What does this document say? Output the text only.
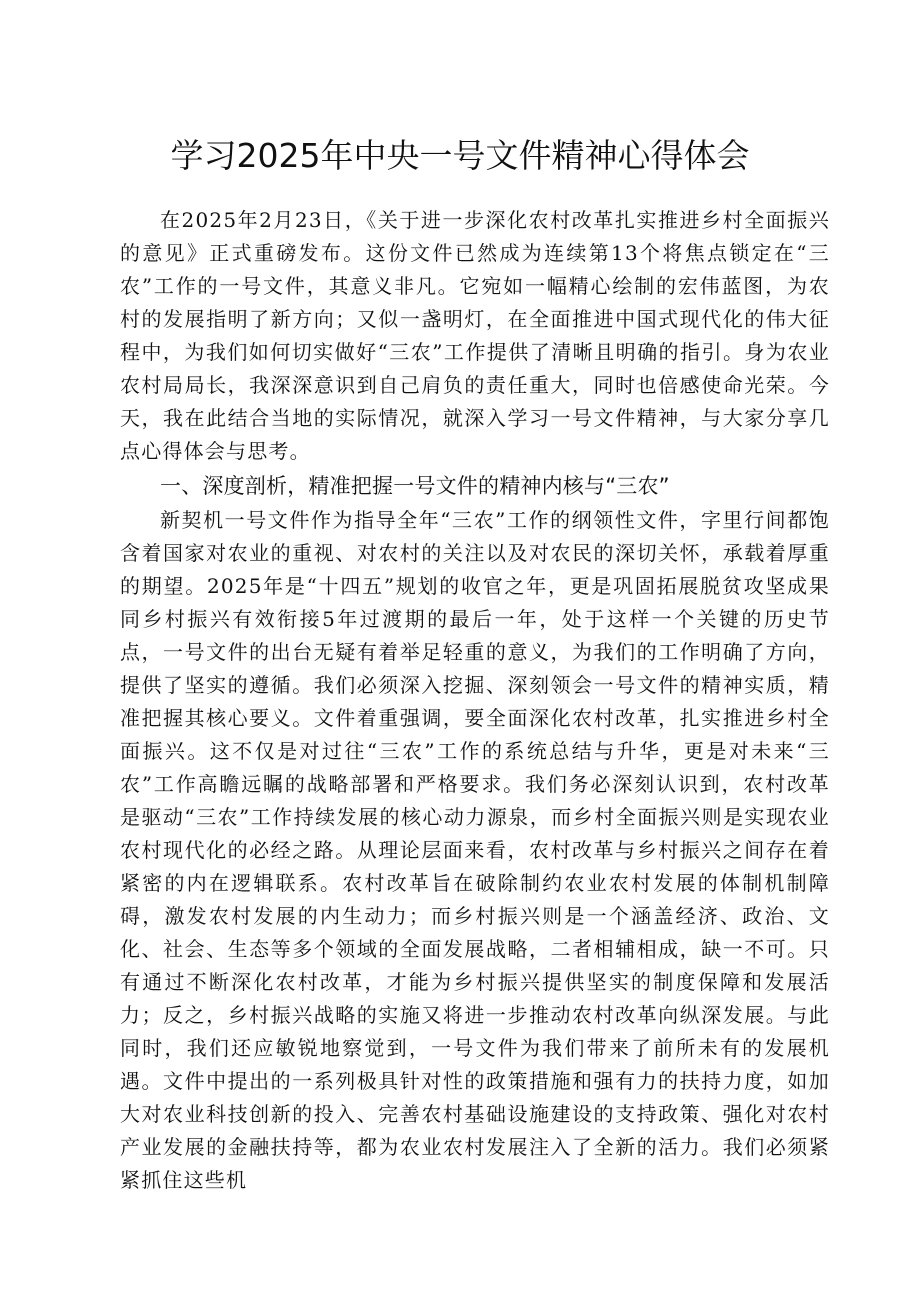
学习2025年中央一号文件精神心得体会

在2025年2月23日，《关于进一步深化农村改革扎实推进乡村全面振兴的意见》正式重磅发布。这份文件已然成为连续第13个将焦点锁定在“三农”工作的一号文件，其意义非凡。它宛如一幅精心绘制的宏伟蓝图，为农村的发展指明了新方向；又似一盏明灯，在全面推进中国式现代化的伟大征程中，为我们如何切实做好“三农”工作提供了清晰且明确的指引。身为农业农村局局长，我深深意识到自己肩负的责任重大，同时也倍感使命光荣。今天，我在此结合当地的实际情况，就深入学习一号文件精神，与大家分享几点心得体会与思考。

一、深度剖析，精准把握一号文件的精神内核与“三农”

新契机一号文件作为指导全年“三农”工作的纲领性文件，字里行间都饱含着国家对农业的重视、对农村的关注以及对农民的深切关怀，承载着厚重的期望。2025年是“十四五”规划的收官之年，更是巩固拓展脱贫攻坚成果同乡村振兴有效衔接5年过渡期的最后一年，处于这样一个关键的历史节点，一号文件的出台无疑有着举足轻重的意义，为我们的工作明确了方向，提供了坚实的遵循。我们必须深入挖掘、深刻领会一号文件的精神实质，精准把握其核心要义。文件着重强调，要全面深化农村改革，扎实推进乡村全面振兴。这不仅是对过往“三农”工作的系统总结与升华，更是对未来“三农”工作高瞻远瞩的战略部署和严格要求。我们务必深刻认识到，农村改革是驱动“三农”工作持续发展的核心动力源泉，而乡村全面振兴则是实现农业农村现代化的必经之路。从理论层面来看，农村改革与乡村振兴之间存在着紧密的内在逻辑联系。农村改革旨在破除制约农业农村发展的体制机制障碍，激发农村发展的内生动力；而乡村振兴则是一个涵盖经济、政治、文化、社会、生态等多个领域的全面发展战略，二者相辅相成，缺一不可。只有通过不断深化农村改革，才能为乡村振兴提供坚实的制度保障和发展活力；反之，乡村振兴战略的实施又将进一步推动农村改革向纵深发展。与此同时，我们还应敏锐地察觉到，一号文件为我们带来了前所未有的发展机遇。文件中提出的一系列极具针对性的政策措施和强有力的扶持力度，如加大对农业科技创新的投入、完善农村基础设施建设的支持政策、强化对农村产业发展的金融扶持等，都为农业农村发展注入了全新的活力。我们必须紧紧抓住这些机
